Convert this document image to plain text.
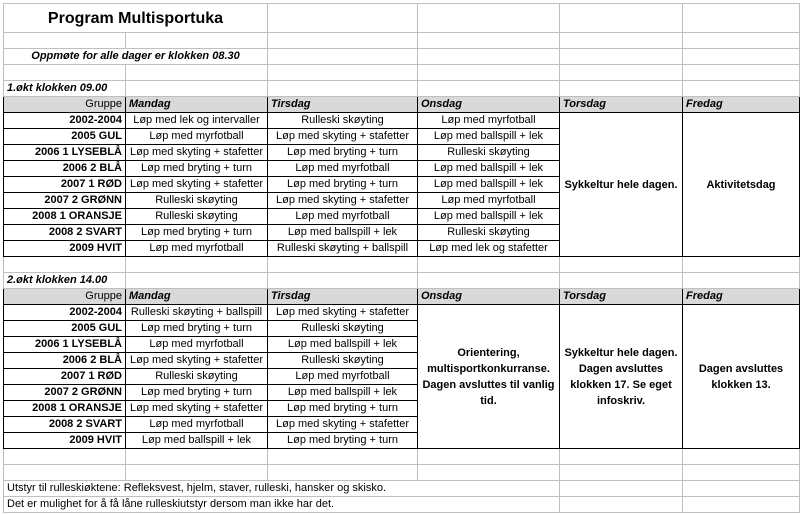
Program Multisportuka					

Oppmøte for alle dager er klokken 08.30					

1.økt klokken 09.00					
Gruppe	Mandag	Tirsdag	Onsdag	Torsdag	Fredag
2002-2004	Løp med lek og intervaller	Rulleski skøyting	Løp med myrfotball	Sykkeltur hele dagen.	Aktivitetsdag
2005 GUL	Løp med myrfotball	Løp med skyting + stafetter	Løp med ballspill + lek		
2006 1 LYSEBLÅ	Løp med skyting + stafetter	Løp med bryting + turn	Rulleski skøyting		
2006 2 BLÅ	Løp med bryting + turn	Løp med myrfotball	Løp med ballspill + lek		
2007 1 RØD	Løp med skyting + stafetter	Løp med bryting + turn	Løp med ballspill + lek		
2007 2 GRØNN	Rulleski skøyting	Løp med skyting + stafetter	Løp med myrfotball		
2008 1 ORANSJE	Rulleski skøyting	Løp med myrfotball	Løp med ballspill + lek		
2008 2 SVART	Løp med bryting + turn	Løp med ballspill + lek	Rulleski skøyting		
2009 HVIT	Løp med myrfotball	Rulleski skøyting + ballspill	Løp med lek og stafetter		

2.økt klokken 14.00					
Gruppe	Mandag	Tirsdag	Onsdag	Torsdag	Fredag
2002-2004	Rulleski skøyting + ballspill	Løp med skyting + stafetter	Orientering, multisportkonkurranse. Dagen avsluttes til vanlig tid.	Sykkeltur hele dagen. Dagen avsluttes klokken 17. Se eget infoskriv.	Dagen avsluttes klokken 13.
2005 GUL	Løp med bryting + turn	Rulleski skøyting			
2006 1 LYSEBLÅ	Løp med myrfotball	Løp med ballspill + lek			
2006 2 BLÅ	Løp med skyting + stafetter	Rulleski skøyting			
2007 1 RØD	Rulleski skøyting	Løp med myrfotball			
2007 2 GRØNN	Løp med bryting + turn	Løp med ballspill + lek			
2008 1 ORANSJE	Løp med skyting + stafetter	Løp med bryting + turn			
2008 2 SVART	Løp med myrfotball	Løp med skyting + stafetter			
2009 HVIT	Løp med ballspill + lek	Løp med bryting + turn			

Utstyr til rulleskiøktene: Refleksvest, hjelm, staver, rulleski, hansker og skisko.					
Det er mulighet for å få låne rulleskiutstyr dersom man ikke har det.					
